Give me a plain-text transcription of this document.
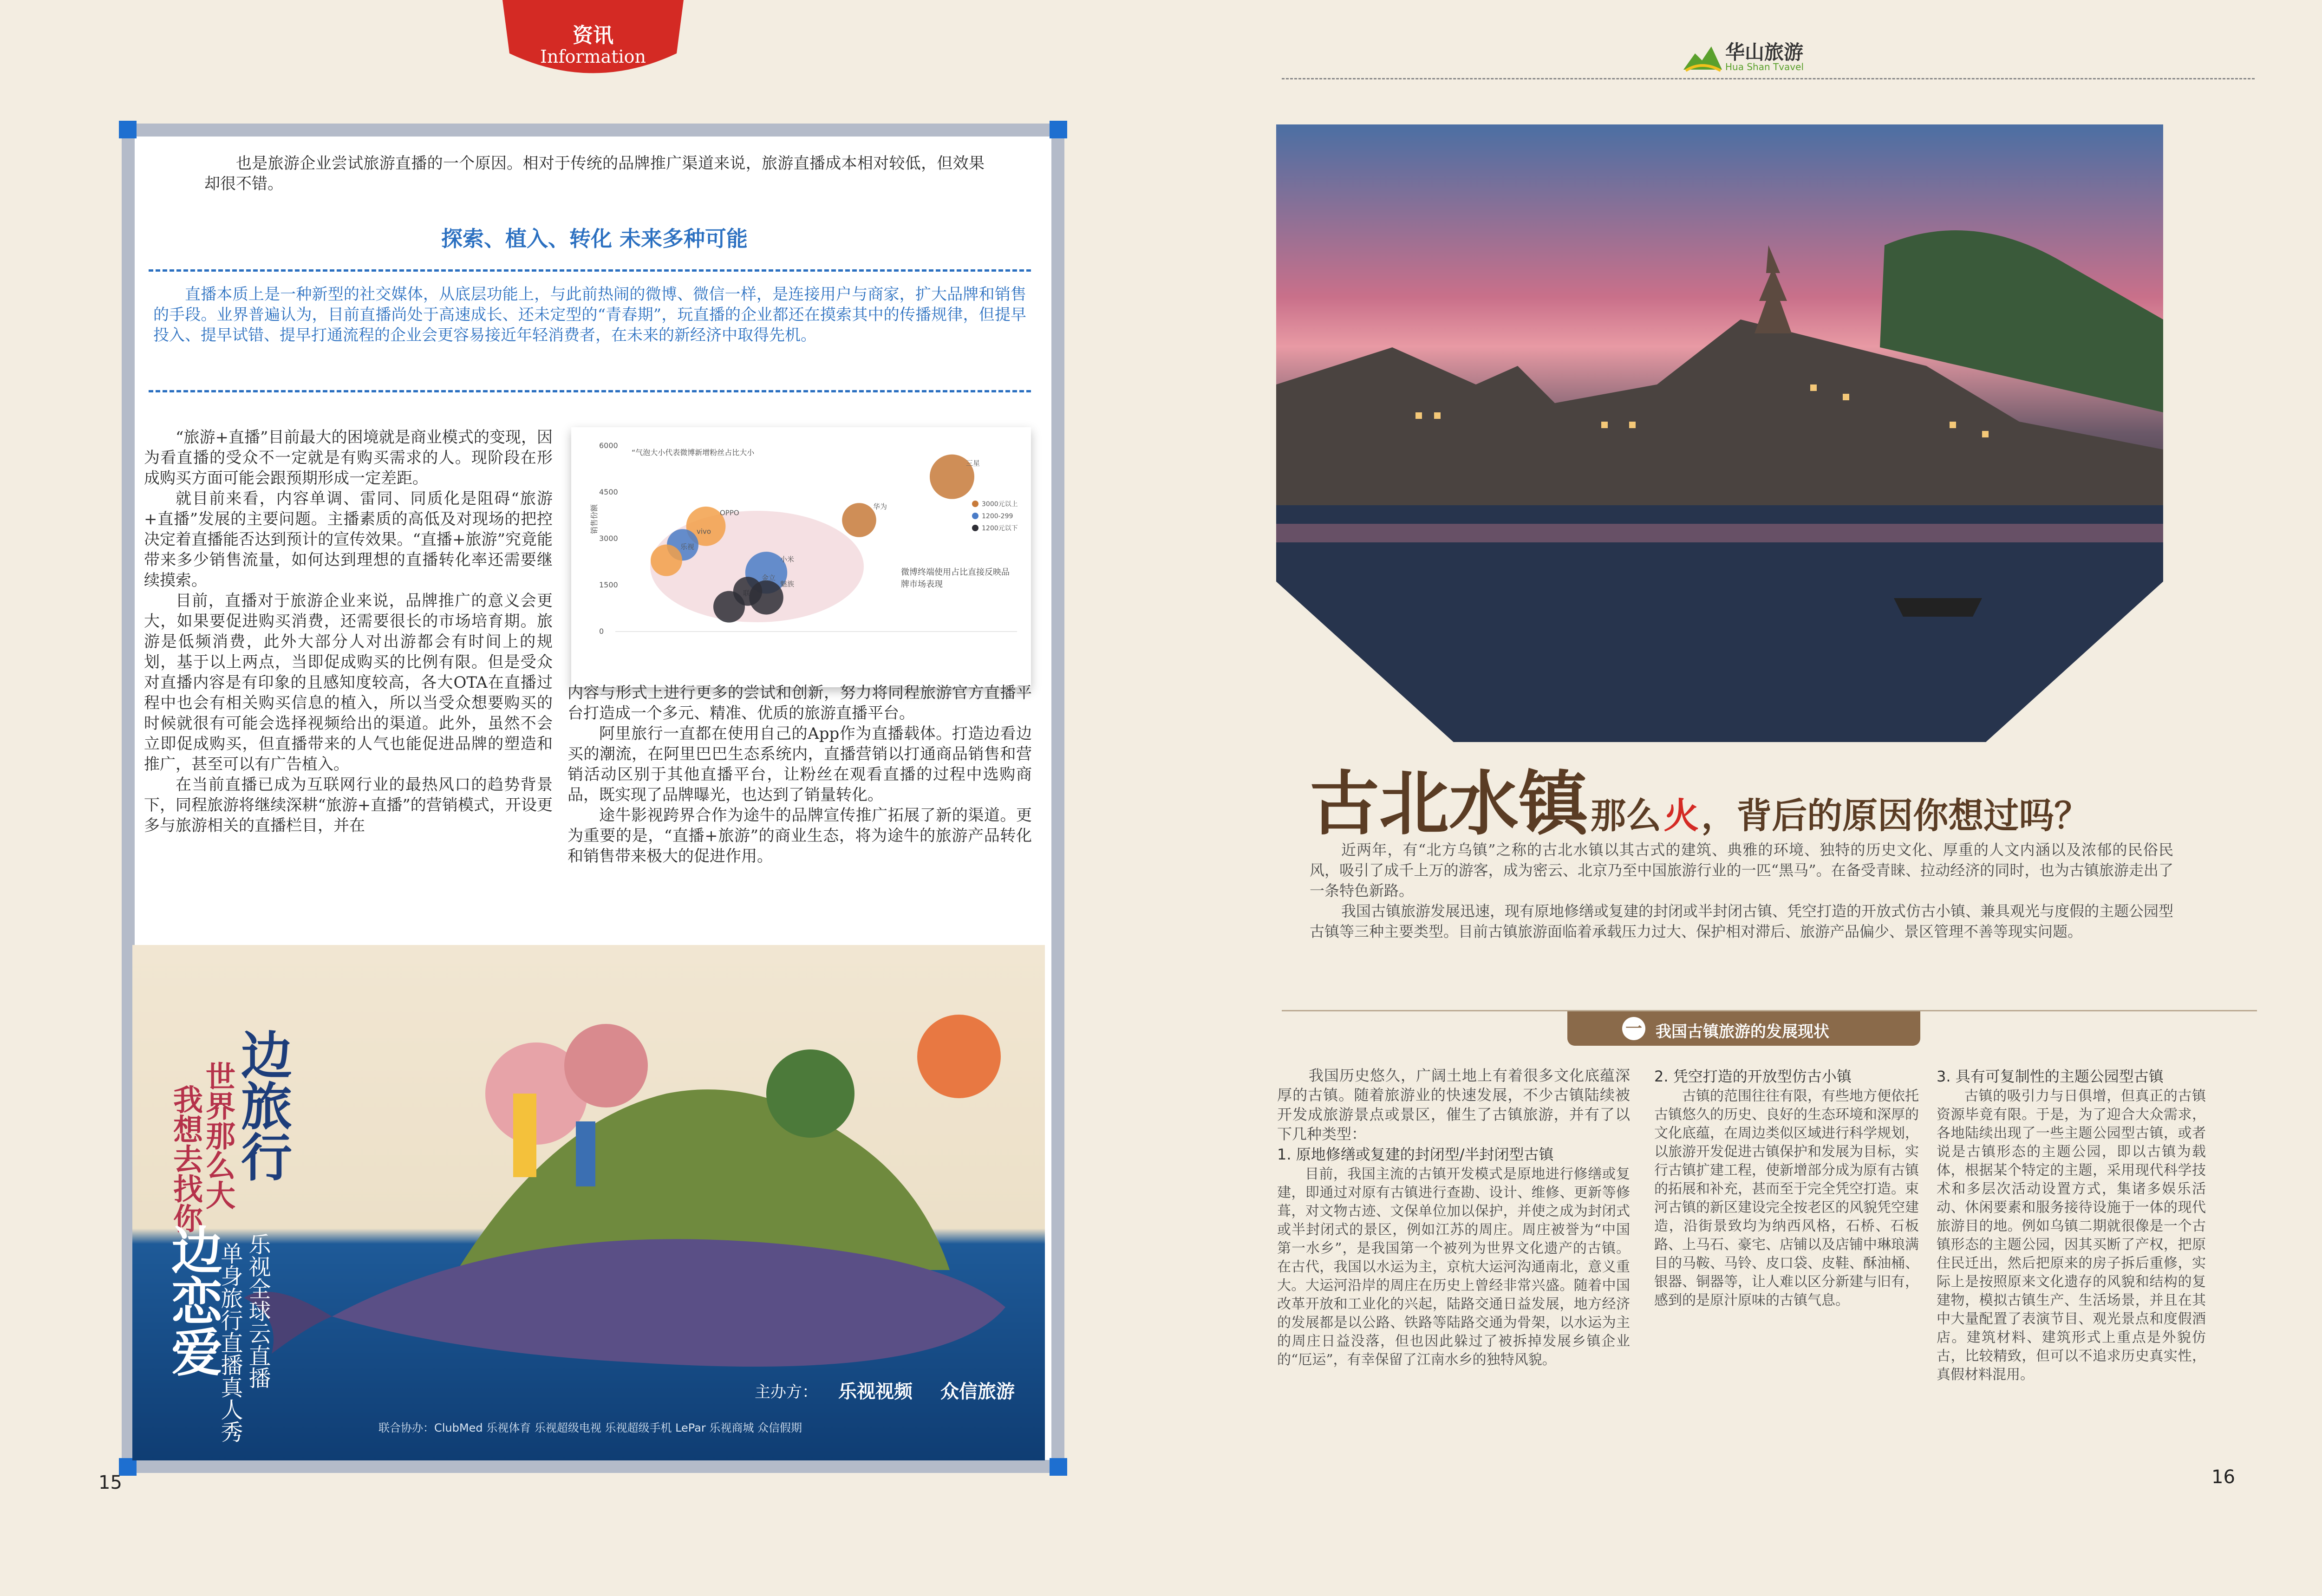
资讯
Information	华山旅游
Hua Shan Tvavel

也是旅游企业尝试旅游直播的一个原因。相对于传统的品牌推广渠道来说，旅游直播成本相对较低，但效果却很不错。

探索、植入、转化 未来多种可能

直播本质上是一种新型的社交媒体，从底层功能上，与此前热闹的微博、微信一样，是连接用户与商家，扩大品牌和销售的手段。业界普遍认为，目前直播尚处于高速成长、还未定型的“青春期”，玩直播的企业都还在摸索其中的传播规律，但提早投入、提早试错、提早打通流程的企业会更容易接近年轻消费者，在未来的新经济中取得先机。

“旅游+直播”目前最大的困境就是商业模式的变现，因为看直播的受众不一定就是有购买需求的人。现阶段在形成购买方面可能会跟预期形成一定差距。

就目前来看，内容单调、雷同、同质化是阻碍“旅游+直播”发展的主要问题。主播素质的高低及对现场的把控决定着直播能否达到预计的宣传效果。“直播+旅游”究竟能带来多少销售流量，如何达到理想的直播转化率还需要继续摸索。

目前，直播对于旅游企业来说，品牌推广的意义会更大，如果要促进购买消费，还需要很长的市场培育期。旅游是低频消费，此外大部分人对出游都会有时间上的规划，基于以上两点，当即促成购买的比例有限。但是受众对直播内容是有印象的且感知度较高，各大OTA在直播过程中也会有相关购买信息的植入，所以当受众想要购买的时候就很有可能会选择视频给出的渠道。此外，虽然不会立即促成购买，但直播带来的人气也能促进品牌的塑造和推广，甚至可以有广告植入。

在当前直播已成为互联网行业的最热风口的趋势背景下，同程旅游将继续深耕“旅游+直播”的营销模式，开设更多与旅游相关的直播栏目，并在

“气泡大小代表微博新增粉丝占比大小
销售份额
6000
4500
3000
1500
0
三星
华为
OPPO
vivo
乐视
小米
魅族
金立
3000元以上
1200-299
1200元以下
微博终端使用占比直接反映品牌市场表现

内容与形式上进行更多的尝试和创新，努力将同程旅游官方直播平台打造成一个多元、精准、优质的旅游直播平台。

阿里旅行一直都在使用自己的App作为直播载体。打造边看边买的潮流，在阿里巴巴生态系统内，直播营销以打通商品销售和营销活动区别于其他直播平台，让粉丝在观看直播的过程中选购商品，既实现了品牌曝光，也达到了销量转化。

途牛影视跨界合作为途牛的品牌宣传推广拓展了新的渠道。更为重要的是，“直播+旅游”的商业生态，将为途牛的旅游产品转化和销售带来极大的促进作用。

世界那么大
我想去找你 边旅行
边恋爱 乐视全球云直播
单身旅行直播真人秀	主办方： 乐视视频 众信旅游
联合协办：ClubMed 乐视体育 乐视超级电视 乐视超级手机 LePar 乐视商城 众信假期
15
古北水镇 那么 火 ，背后的原因你想过吗？

近两年，有“北方乌镇”之称的古北水镇以其古式的建筑、典雅的环境、独特的历史文化、厚重的人文内涵以及浓郁的民俗民风，吸引了成千上万的游客，成为密云、北京乃至中国旅游行业的一匹“黑马”。在备受青睐、拉动经济的同时，也为古镇旅游走出了一条特色新路。

我国古镇旅游发展迅速，现有原地修缮或复建的封闭或半封闭古镇、凭空打造的开放式仿古小镇、兼具观光与度假的主题公园型古镇等三种主要类型。目前古镇旅游面临着承载压力过大、保护相对滞后、旅游产品偏少、景区管理不善等现实问题。

一 我国古镇旅游的发展现状

我国历史悠久，广阔土地上有着很多文化底蕴深厚的古镇。随着旅游业的快速发展，不少古镇陆续被开发成旅游景点或景区，催生了古镇旅游，并有了以下几种类型：

1. 原地修缮或复建的封闭型/半封闭型古镇

目前，我国主流的古镇开发模式是原地进行修缮或复建，即通过对原有古镇进行查勘、设计、维修、更新等修葺，对文物古迹、文保单位加以保护，并使之成为封闭式或半封闭式的景区，例如江苏的周庄。周庄被誉为“中国第一水乡”，是我国第一个被列为世界文化遗产的古镇。在古代，我国以水运为主，京杭大运河沟通南北，意义重大。大运河沿岸的周庄在历史上曾经非常兴盛。随着中国改革开放和工业化的兴起，陆路交通日益发展，地方经济的发展都是以公路、铁路等陆路交通为骨架，以水运为主的周庄日益没落，但也因此躲过了被拆掉发展乡镇企业的“厄运”，有幸保留了江南水乡的独特风貌。

2. 凭空打造的开放型仿古小镇

古镇的范围往往有限，有些地方便依托古镇悠久的历史、良好的生态环境和深厚的文化底蕴，在周边类似区域进行科学规划，以旅游开发促进古镇保护和发展为目标，实行古镇扩建工程，使新增部分成为原有古镇的拓展和补充，甚而至于完全凭空打造。束河古镇的新区建设完全按老区的风貌凭空建造，沿街景致均为纳西风格，石桥、石板路、上马石、豪宅、店铺以及店铺中琳琅满目的马鞍、马铃、皮口袋、皮鞋、酥油桶、银器、铜器等，让人难以区分新建与旧有，感到的是原汁原味的古镇气息。

3. 具有可复制性的主题公园型古镇

古镇的吸引力与日俱增，但真正的古镇资源毕竟有限。于是，为了迎合大众需求，各地陆续出现了一些主题公园型古镇，或者说是古镇形态的主题公园，即以古镇为载体，根据某个特定的主题，采用现代科学技术和多层次活动设置方式，集诸多娱乐活动、休闲要素和服务接待设施于一体的现代旅游目的地。例如乌镇二期就很像是一个古镇形态的主题公园，因其买断了产权，把原住民迁出，然后把原来的房子拆后重修，实际上是按照原来文化遗存的风貌和结构的复建物，模拟古镇生产、生活场景，并且在其中大量配置了表演节目、观光景点和度假酒店。建筑材料、建筑形式上重点是外貌仿古，比较精致，但可以不追求历史真实性，真假材料混用。

16
